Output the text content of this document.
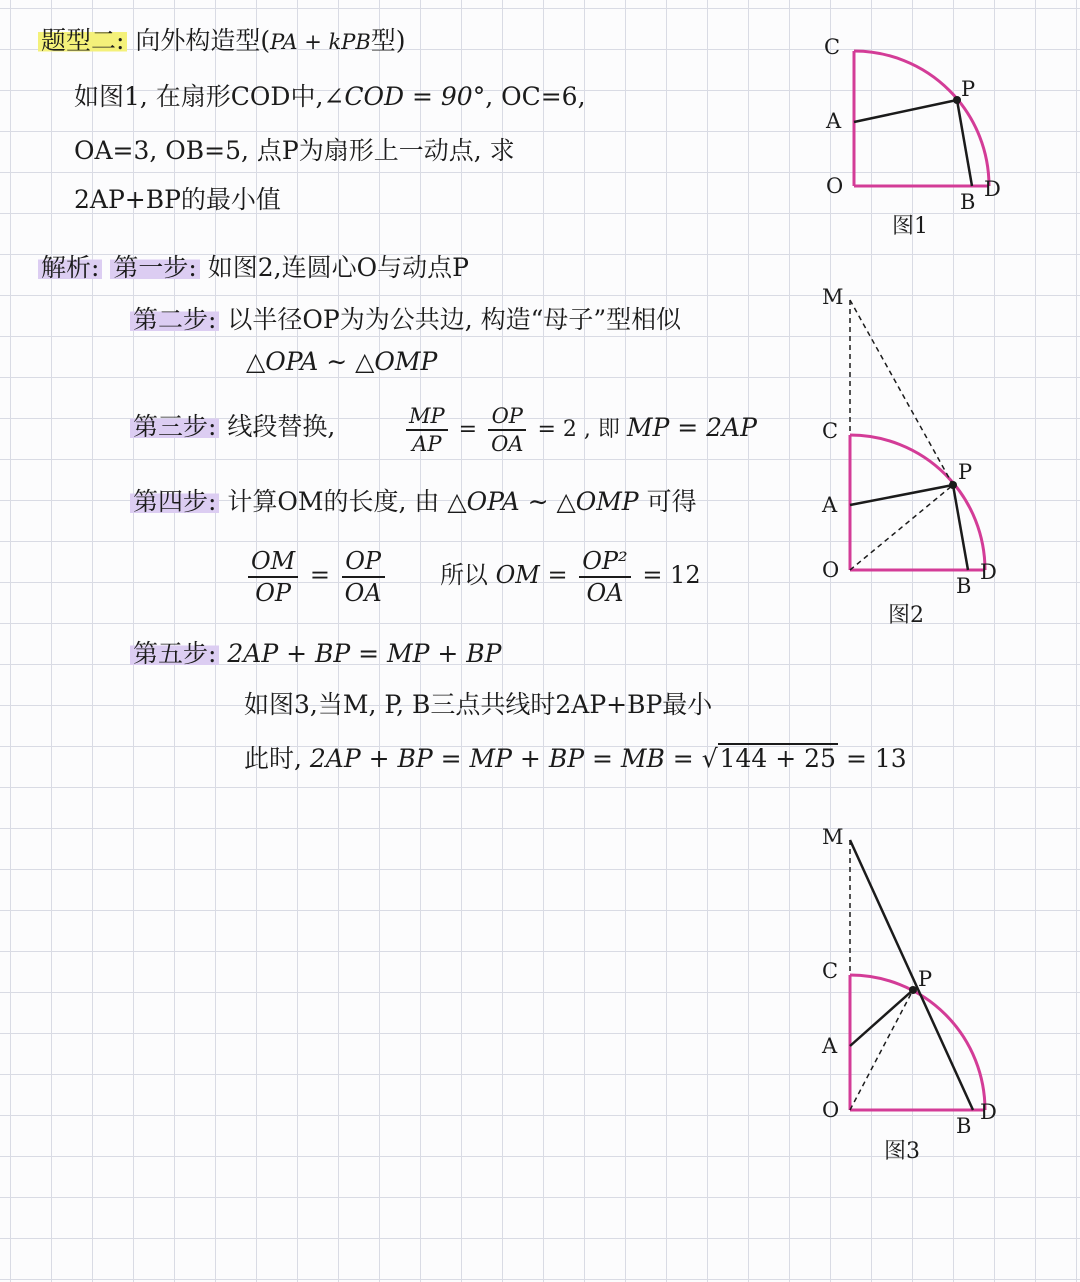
题型二: 向外构造型(PA + kPB型)
如图1, 在扇形COD中,∠COD = 90°, OC=6,
OA=3, OB=5, 点P为扇形上一动点, 求
2AP+BP的最小值
解析: 第一步: 如图2,连圆心O与动点P
第二步: 以半径OP为为公共边, 构造“母子”型相似
△OPA ∼ △OMP
第三步: 线段替换,	$\frac{MP}{AP} = \frac{OP}{OA} = 2$ , 即 MP = 2AP
第四步: 计算OM的长度, 由 △OPA ∼ △OMP 可得
$\frac{OM}{OP} = \frac{OP}{OA}$ 所以 OM = $\frac{\text{OP²}}{OA} = 12$
第五步: 2AP + BP = MP + BP
如图3,当M, P, B三点共线时2AP+BP最小
此时, 2AP + BP = MP + BP = MB = √144 + 25 = 13
C
A
O
P
B
D
图1
M
C
A
O
P
B
D
图2
M
C
A
O
P
B
D
图3
